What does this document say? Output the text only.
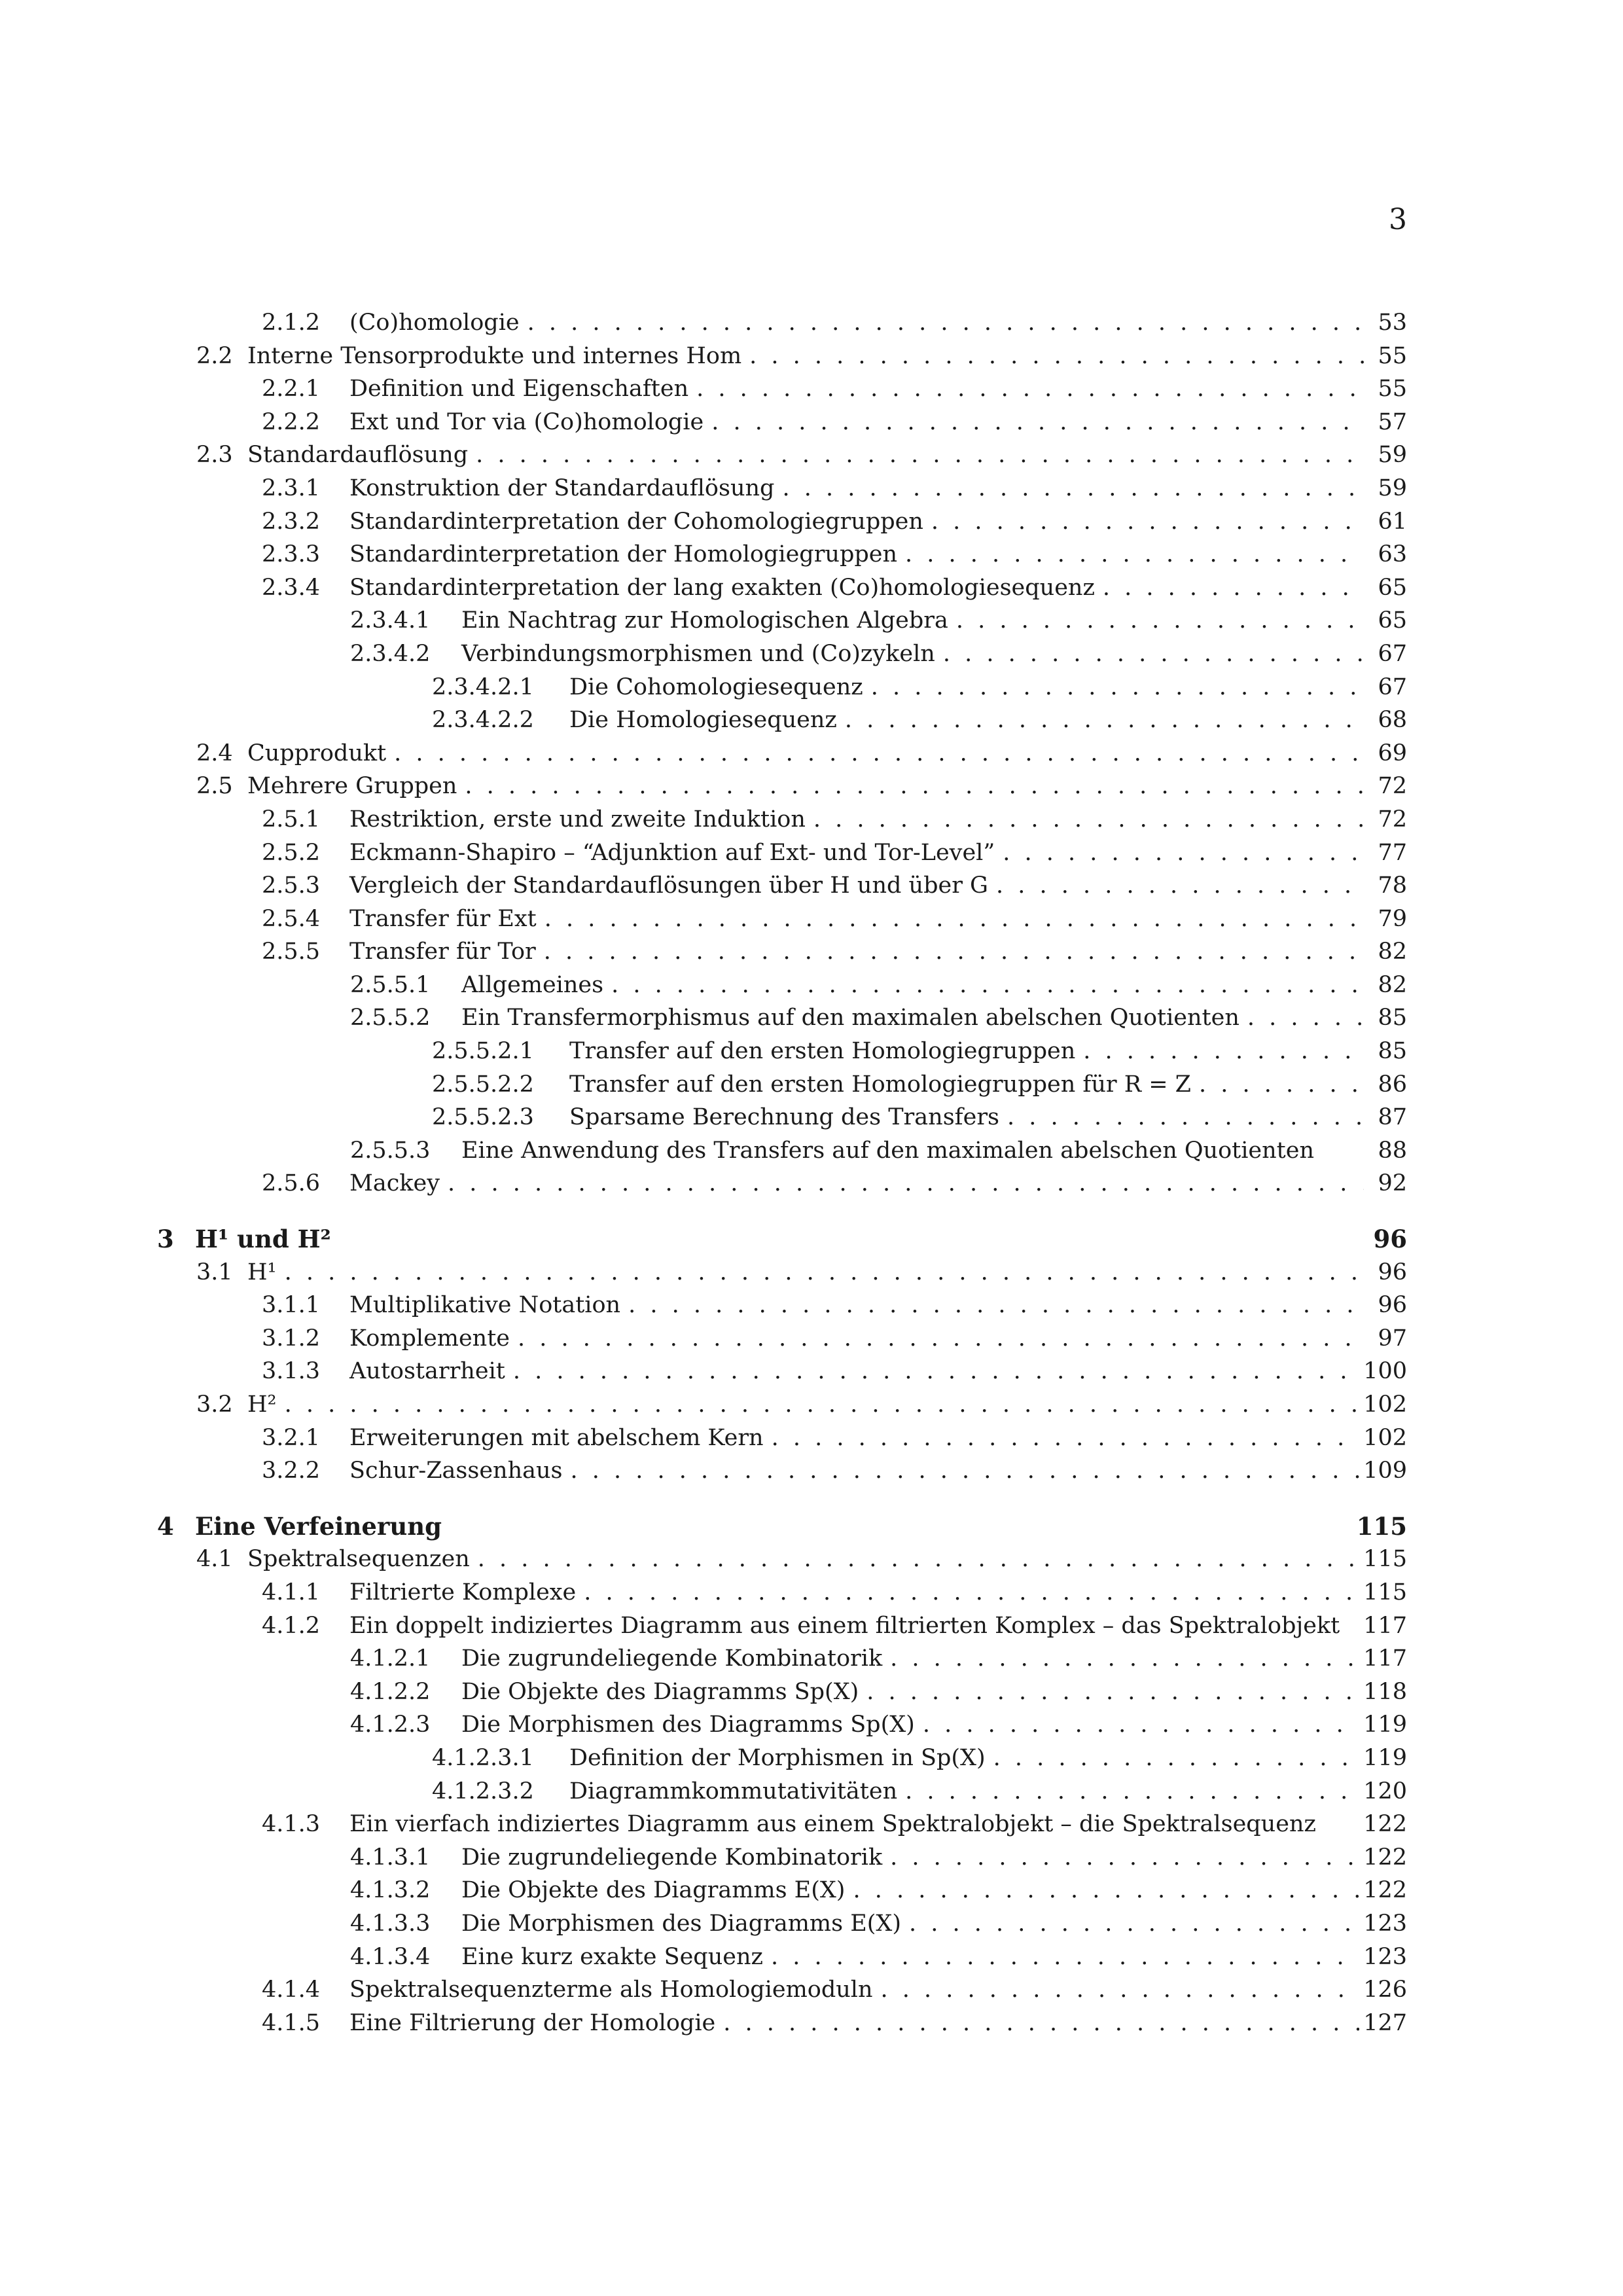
3
2.1.2	(Co)homologie . . .	53
2.2 Interne Tensorprodukte und internes Hom . . .	55
2.2.1	Definition und Eigenschaften . . .	55
2.2.2	Ext und Tor via (Co)homologie . . .	57
2.3 Standardauflösung . . .	59
2.3.1	Konstruktion der Standardauflösung . . .	59
2.3.2	Standardinterpretation der Cohomologiegruppen . . .	61
2.3.3	Standardinterpretation der Homologiegruppen . . .	63
2.3.4	Standardinterpretation der lang exakten (Co)homologiesequenz . . .	65
2.3.4.1	Ein Nachtrag zur Homologischen Algebra . . .	65
2.3.4.2	Verbindungsmorphismen und (Co)zykeln . . .	67
2.3.4.2.1	Die Cohomologiesequenz . . .	67
2.3.4.2.2	Die Homologiesequenz . . .	68
2.4 Cupprodukt . . .	69
2.5 Mehrere Gruppen . . .	72
2.5.1	Restriktion, erste und zweite Induktion . . .	72
2.5.2	Eckmann-Shapiro – “Adjunktion auf Ext- und Tor-Level” . . .	77
2.5.3	Vergleich der Standardauflösungen über H und über G . . .	78
2.5.4	Transfer für Ext . . .	79
2.5.5	Transfer für Tor . . .	82
2.5.5.1	Allgemeines . . .	82
2.5.5.2	Ein Transfermorphismus auf den maximalen abelschen Quotienten . . .	85
2.5.5.2.1	Transfer auf den ersten Homologiegruppen . . .	85
2.5.5.2.2	Transfer auf den ersten Homologiegruppen für R = Z . . .	86
2.5.5.2.3	Sparsame Berechnung des Transfers . . .	87
2.5.5.3	Eine Anwendung des Transfers auf den maximalen abelschen Quotienten	88
2.5.6	Mackey . . .	92
3 H¹ und H²	96
3.1 H¹ . . .	96
3.1.1	Multiplikative Notation . . .	96
3.1.2	Komplemente . . .	97
3.1.3	Autostarrheit . . .	100
3.2 H² . . .	102
3.2.1	Erweiterungen mit abelschem Kern . . .	102
3.2.2	Schur-Zassenhaus . . .	109
4 Eine Verfeinerung	115
4.1 Spektralsequenzen . . .	115
4.1.1	Filtrierte Komplexe . . .	115
4.1.2	Ein doppelt indiziertes Diagramm aus einem filtrierten Komplex – das Spektralobjekt 117
4.1.2.1	Die zugrundeliegende Kombinatorik . . .	117
4.1.2.2	Die Objekte des Diagramms Sp(X) . . .	118
4.1.2.3	Die Morphismen des Diagramms Sp(X) . . .	119
4.1.2.3.1	Definition der Morphismen in Sp(X) . . .	119
4.1.2.3.2	Diagrammkommutativitäten . . .	120
4.1.3	Ein vierfach indiziertes Diagramm aus einem Spektralobjekt – die Spektralsequenz 122
4.1.3.1	Die zugrundeliegende Kombinatorik . . .	122
4.1.3.2	Die Objekte des Diagramms E(X) . . .	122
4.1.3.3	Die Morphismen des Diagramms E(X) . . .	123
4.1.3.4	Eine kurz exakte Sequenz . . .	123
4.1.4	Spektralsequenzterme als Homologiemoduln . . .	126
4.1.5	Eine Filtrierung der Homologie . . .	127
